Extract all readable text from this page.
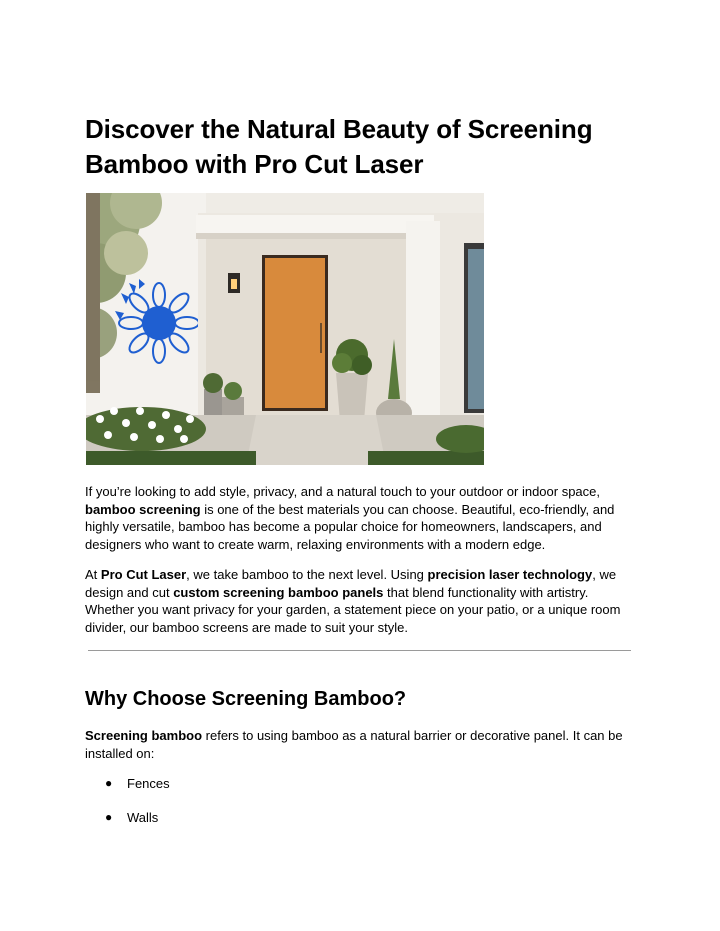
Discover the Natural Beauty of Screening Bamboo with Pro Cut Laser

If you’re looking to add style, privacy, and a natural touch to your outdoor or indoor space, bamboo screening is one of the best materials you can choose. Beautiful, eco-friendly, and highly versatile, bamboo has become a popular choice for homeowners, landscapers, and designers who want to create warm, relaxing environments with a modern edge.

At Pro Cut Laser, we take bamboo to the next level. Using precision laser technology, we design and cut custom screening bamboo panels that blend functionality with artistry. Whether you want privacy for your garden, a statement piece on your patio, or a unique room divider, our bamboo screens are made to suit your style.

Why Choose Screening Bamboo?

Screening bamboo refers to using bamboo as a natural barrier or decorative panel. It can be installed on:

● Fences
● Walls
